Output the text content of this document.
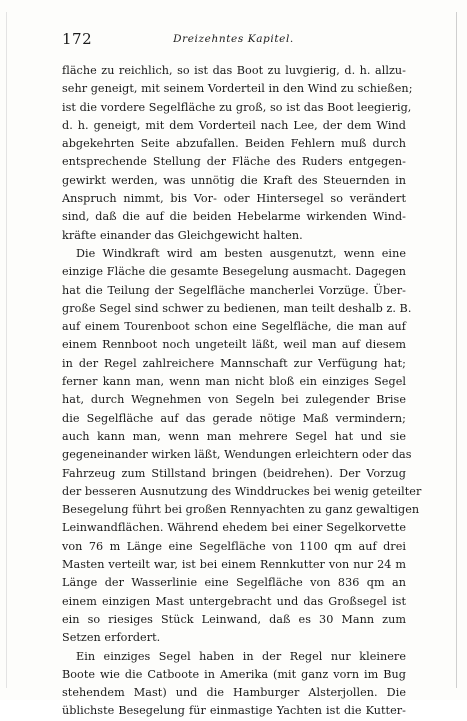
172	Dreizehntes Kapitel.
fläche zu reichlich, so ist das Boot zu luvgierig, d. h. allzu-
sehr geneigt, mit seinem Vorderteil in den Wind zu schießen;
ist die vordere Segelfläche zu groß, so ist das Boot leegierig,
d. h. geneigt, mit dem Vorderteil nach Lee, der dem Wind
abgekehrten Seite abzufallen. Beiden Fehlern muß durch
entsprechende Stellung der Fläche des Ruders entgegen-
gewirkt werden, was unnötig die Kraft des Steuernden in
Anspruch nimmt, bis Vor- oder Hintersegel so verändert
sind, daß die auf die beiden Hebelarme wirkenden Wind-
kräfte einander das Gleichgewicht halten.
Die Windkraft wird am besten ausgenutzt, wenn eine
einzige Fläche die gesamte Besegelung ausmacht. Dagegen
hat die Teilung der Segelfläche mancherlei Vorzüge. Über-
große Segel sind schwer zu bedienen, man teilt deshalb z. B.
auf einem Tourenboot schon eine Segelfläche, die man auf
einem Rennboot noch ungeteilt läßt, weil man auf diesem
in der Regel zahlreichere Mannschaft zur Verfügung hat;
ferner kann man, wenn man nicht bloß ein einziges Segel
hat, durch Wegnehmen von Segeln bei zulegender Brise
die Segelfläche auf das gerade nötige Maß vermindern;
auch kann man, wenn man mehrere Segel hat und sie
gegeneinander wirken läßt, Wendungen erleichtern oder das
Fahrzeug zum Stillstand bringen (beidrehen). Der Vorzug
der besseren Ausnutzung des Winddruckes bei wenig geteilter
Besegelung führt bei großen Rennyachten zu ganz gewaltigen
Leinwandflächen. Während ehedem bei einer Segelkorvette
von 76 m Länge eine Segelfläche von 1100 qm auf drei
Masten verteilt war, ist bei einem Rennkutter von nur 24 m
Länge der Wasserlinie eine Segelfläche von 836 qm an
einem einzigen Mast untergebracht und das Großsegel ist
ein so riesiges Stück Leinwand, daß es 30 Mann zum
Setzen erfordert.
Ein einziges Segel haben in der Regel nur kleinere
Boote wie die Catboote in Amerika (mit ganz vorn im Bug
stehendem Mast) und die Hamburger Alsterjollen. Die
üblichste Besegelung für einmastige Yachten ist die Kutter-
